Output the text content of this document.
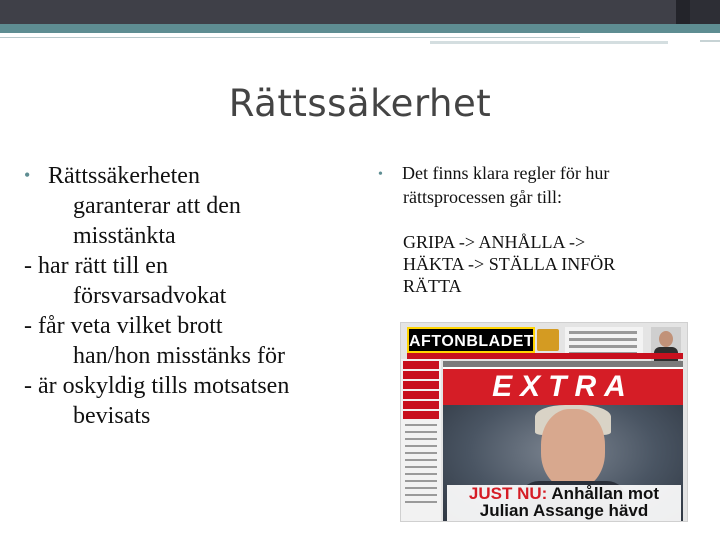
Rättssäkerhet
• Rättssäkerheten
garanterar att den
misstänkta
- har rätt till en
försvarsadvokat
- får veta vilket brott
han/hon misstänks för
- är oskyldig tills motsatsen
bevisats
• Det finns klara regler för hur
rättsprocessen går till:
GRIPA -> ANHÅLLA ->
HÄKTA -> STÄLLA INFÖR
RÄTTA
AFTONBLADET
EXTRA
JUST NU: Anhållan mot
Julian Assange hävd
